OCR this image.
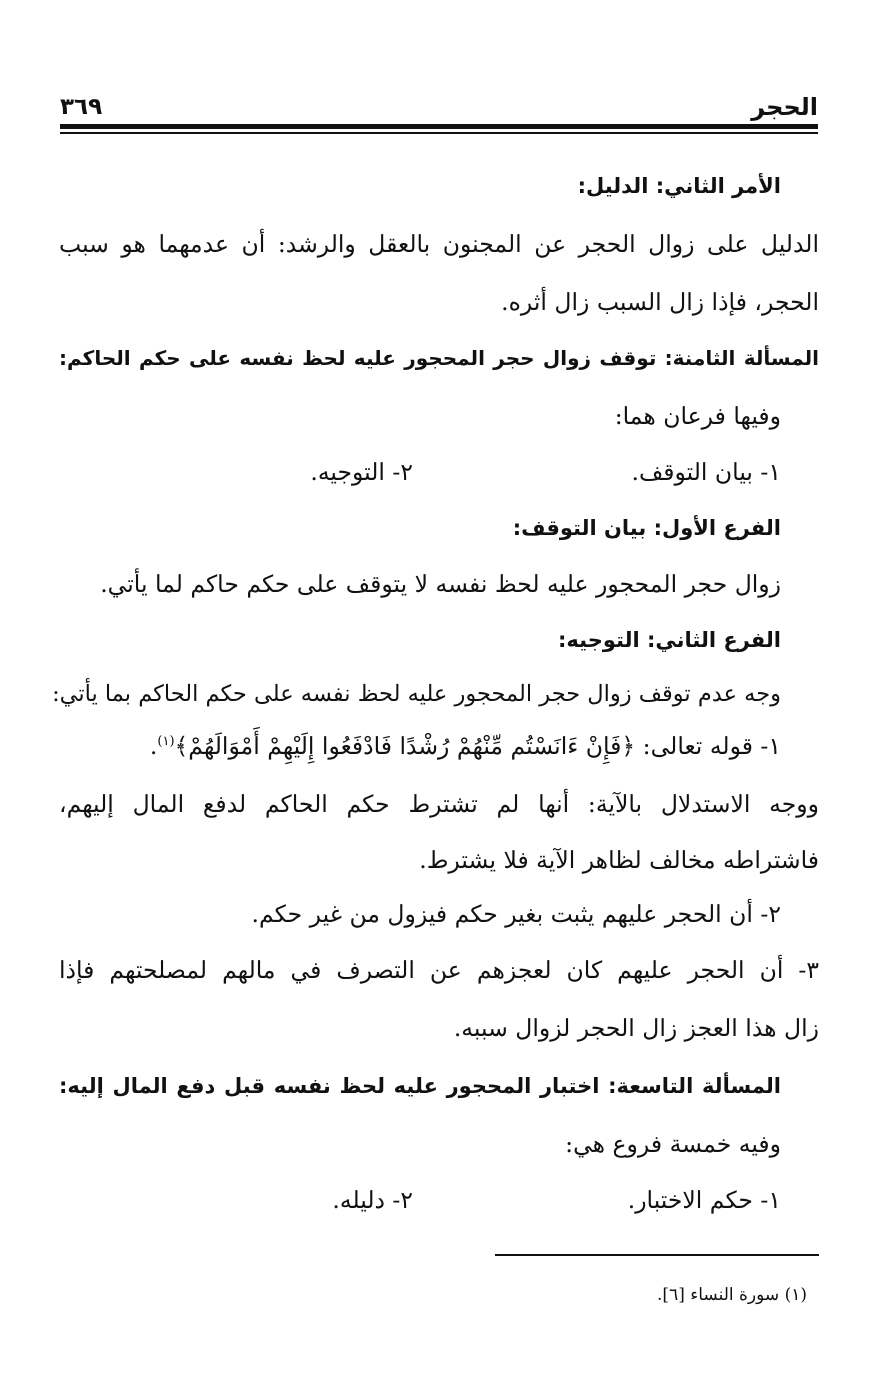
الحجر
٣٦٩
الأمر الثاني: الدليل:
الدليل على زوال الحجر عن المجنون بالعقل والرشد: أن عدمهما هو سبب
الحجر، فإذا زال السبب زال أثره.
المسألة الثامنة: توقف زوال حجر المحجور عليه لحظ نفسه على حكم الحاكم:
وفيها فرعان هما:
١- بيان التوقف.
٢- التوجيه.
الفرع الأول: بيان التوقف:
زوال حجر المحجور عليه لحظ نفسه لا يتوقف على حكم حاكم لما يأتي.
الفرع الثاني: التوجيه:
وجه عدم توقف زوال حجر المحجور عليه لحظ نفسه على حكم الحاكم بما يأتي:
١- قوله تعالى: ﴿فَإِنْ ءَانَسْتُم مِّنْهُمْ رُشْدًا فَادْفَعُوا إِلَيْهِمْ أَمْوَالَهُمْ﴾$^{(١)}$.
ووجه الاستدلال بالآية: أنها لم تشترط حكم الحاكم لدفع المال إليهم،
فاشتراطه مخالف لظاهر الآية فلا يشترط.
٢- أن الحجر عليهم يثبت بغير حكم فيزول من غير حكم.
٣- أن الحجر عليهم كان لعجزهم عن التصرف في مالهم لمصلحتهم فإذا
زال هذا العجز زال الحجر لزوال سببه.
المسألة التاسعة: اختبار المحجور عليه لحظ نفسه قبل دفع المال إليه:
وفيه خمسة فروع هي:
١- حكم الاختبار.
٢- دليله.
(١) سورة النساء [٦].
